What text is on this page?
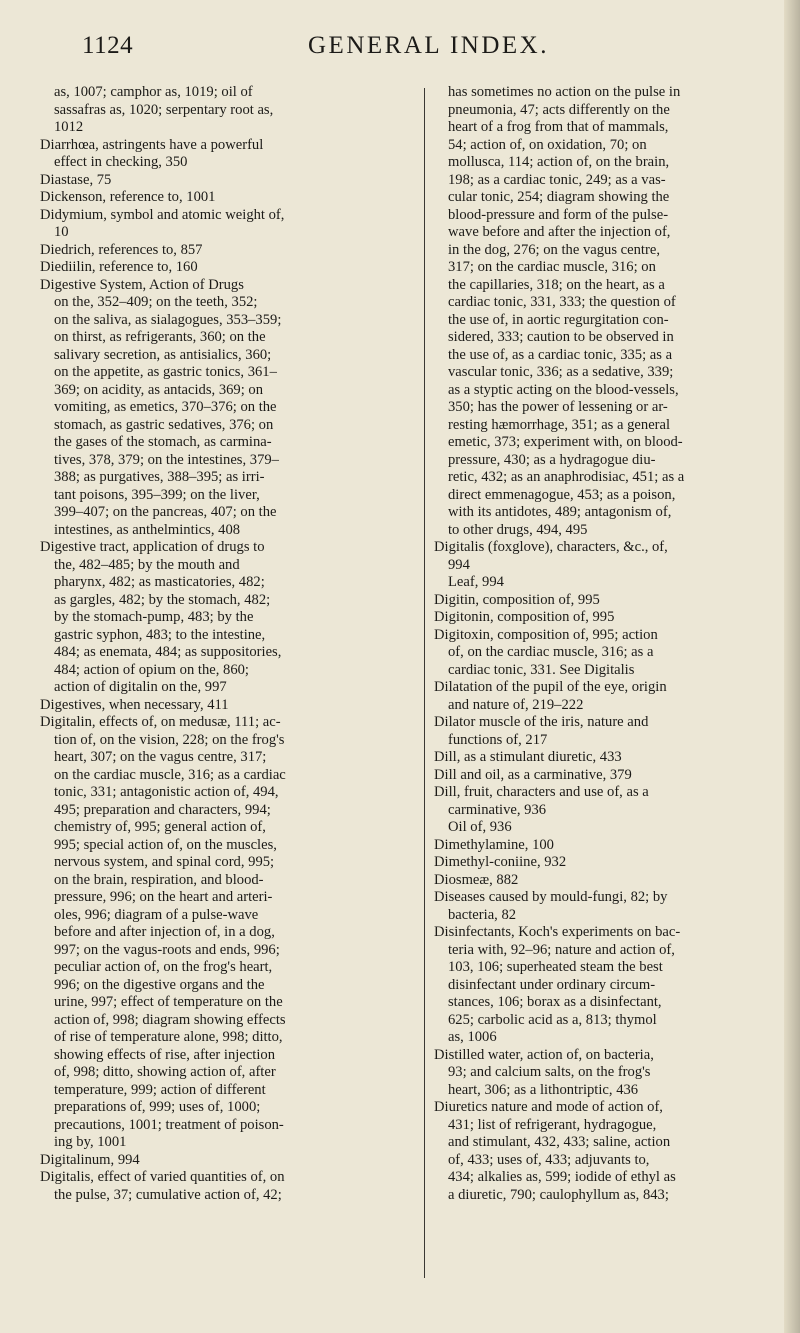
1124	GENERAL INDEX.
as, 1007; camphor as, 1019; oil of
sassafras as, 1020; serpentary root as,
1012
Diarrhœa, astringents have a powerful
effect in checking, 350
Diastase, 75
Dickenson, reference to, 1001
Didymium, symbol and atomic weight of,
10
Diedrich, references to, 857
Diediilin, reference to, 160
Digestive System, Action of Drugs
on the, 352–409; on the teeth, 352;
on the saliva, as sialagogues, 353–359;
on thirst, as refrigerants, 360; on the
salivary secretion, as antisialics, 360;
on the appetite, as gastric tonics, 361–
369; on acidity, as antacids, 369; on
vomiting, as emetics, 370–376; on the
stomach, as gastric sedatives, 376; on
the gases of the stomach, as carmina-
tives, 378, 379; on the intestines, 379–
388; as purgatives, 388–395; as irri-
tant poisons, 395–399; on the liver,
399–407; on the pancreas, 407; on the
intestines, as anthelmintics, 408
Digestive tract, application of drugs to
the, 482–485; by the mouth and
pharynx, 482; as masticatories, 482;
as gargles, 482; by the stomach, 482;
by the stomach-pump, 483; by the
gastric syphon, 483; to the intestine,
484; as enemata, 484; as suppositories,
484; action of opium on the, 860;
action of digitalin on the, 997
Digestives, when necessary, 411
Digitalin, effects of, on medusæ, 111; ac-
tion of, on the vision, 228; on the frog's
heart, 307; on the vagus centre, 317;
on the cardiac muscle, 316; as a cardiac
tonic, 331; antagonistic action of, 494,
495; preparation and characters, 994;
chemistry of, 995; general action of,
995; special action of, on the muscles,
nervous system, and spinal cord, 995;
on the brain, respiration, and blood-
pressure, 996; on the heart and arteri-
oles, 996; diagram of a pulse-wave
before and after injection of, in a dog,
997; on the vagus-roots and ends, 996;
peculiar action of, on the frog's heart,
996; on the digestive organs and the
urine, 997; effect of temperature on the
action of, 998; diagram showing effects
of rise of temperature alone, 998; ditto,
showing effects of rise, after injection
of, 998; ditto, showing action of, after
temperature, 999; action of different
preparations of, 999; uses of, 1000;
precautions, 1001; treatment of poison-
ing by, 1001
Digitalinum, 994
Digitalis, effect of varied quantities of, on
the pulse, 37; cumulative action of, 42;
has sometimes no action on the pulse in
pneumonia, 47; acts differently on the
heart of a frog from that of mammals,
54; action of, on oxidation, 70; on
mollusca, 114; action of, on the brain,
198; as a cardiac tonic, 249; as a vas-
cular tonic, 254; diagram showing the
blood-pressure and form of the pulse-
wave before and after the injection of,
in the dog, 276; on the vagus centre,
317; on the cardiac muscle, 316; on
the capillaries, 318; on the heart, as a
cardiac tonic, 331, 333; the question of
the use of, in aortic regurgitation con-
sidered, 333; caution to be observed in
the use of, as a cardiac tonic, 335; as a
vascular tonic, 336; as a sedative, 339;
as a styptic acting on the blood-vessels,
350; has the power of lessening or ar-
resting hæmorrhage, 351; as a general
emetic, 373; experiment with, on blood-
pressure, 430; as a hydragogue diu-
retic, 432; as an anaphrodisiac, 451; as a
direct emmenagogue, 453; as a poison,
with its antidotes, 489; antagonism of,
to other drugs, 494, 495
Digitalis (foxglove), characters, &c., of,
994
Leaf, 994
Digitin, composition of, 995
Digitonin, composition of, 995
Digitoxin, composition of, 995; action
of, on the cardiac muscle, 316; as a
cardiac tonic, 331. See Digitalis
Dilatation of the pupil of the eye, origin
and nature of, 219–222
Dilator muscle of the iris, nature and
functions of, 217
Dill, as a stimulant diuretic, 433
Dill and oil, as a carminative, 379
Dill, fruit, characters and use of, as a
carminative, 936
Oil of, 936
Dimethylamine, 100
Dimethyl-coniine, 932
Diosmeæ, 882
Diseases caused by mould-fungi, 82; by
bacteria, 82
Disinfectants, Koch's experiments on bac-
teria with, 92–96; nature and action of,
103, 106; superheated steam the best
disinfectant under ordinary circum-
stances, 106; borax as a disinfectant,
625; carbolic acid as a, 813; thymol
as, 1006
Distilled water, action of, on bacteria,
93; and calcium salts, on the frog's
heart, 306; as a lithontriptic, 436
Diuretics nature and mode of action of,
431; list of refrigerant, hydragogue,
and stimulant, 432, 433; saline, action
of, 433; uses of, 433; adjuvants to,
434; alkalies as, 599; iodide of ethyl as
a diuretic, 790; caulophyllum as, 843;
